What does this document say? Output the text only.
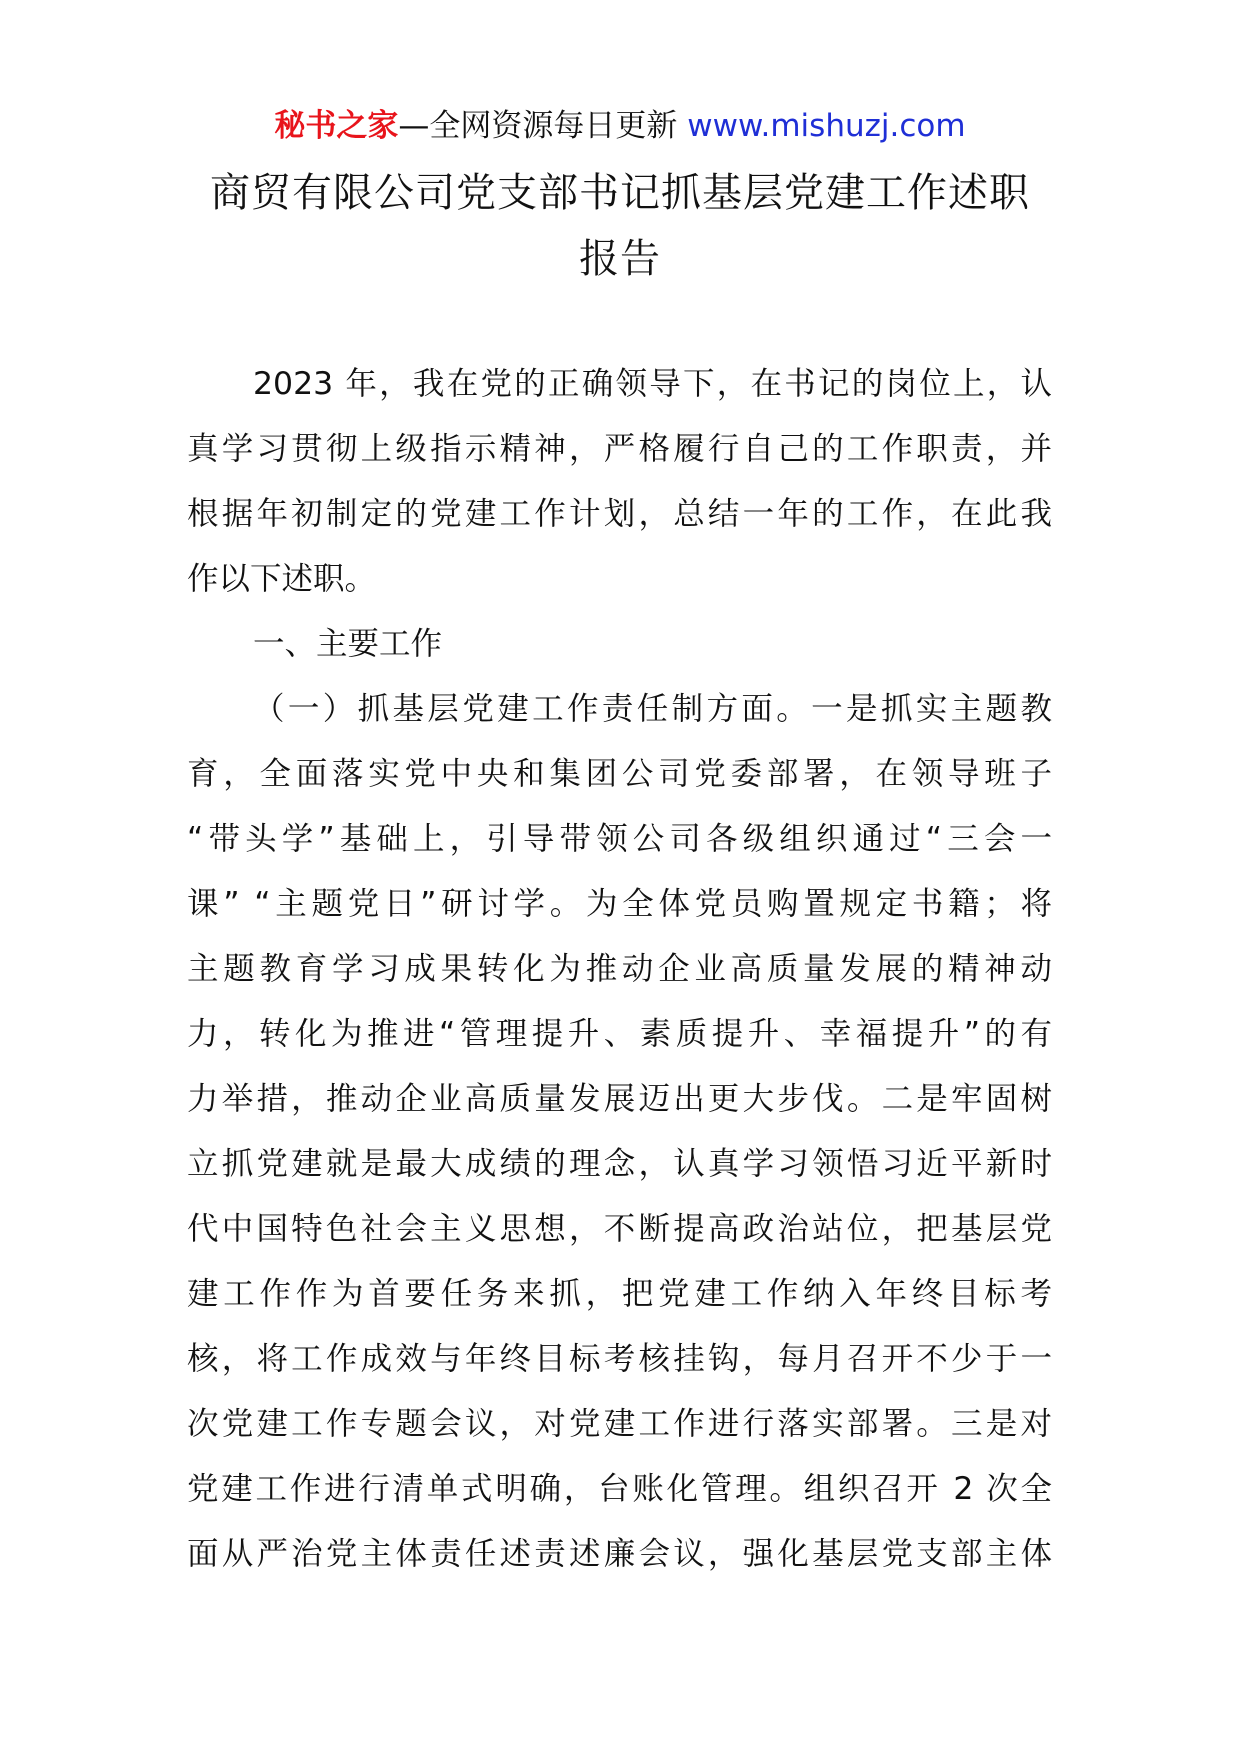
秘书之家—全网资源每日更新 www.mishuzj.com
商贸有限公司党支部书记抓基层党建工作述职
报告
2023 年，我在党的正确领导下，在书记的岗位上，认
真学习贯彻上级指示精神，严格履行自己的工作职责，并
根据年初制定的党建工作计划，总结一年的工作，在此我
作以下述职。
一、主要工作
（一）抓基层党建工作责任制方面。一是抓实主题教
育，全面落实党中央和集团公司党委部署，在领导班子
“带头学”基础上，引导带领公司各级组织通过“三会一
课” “主题党日”研讨学。为全体党员购置规定书籍；将
主题教育学习成果转化为推动企业高质量发展的精神动
力，转化为推进“管理提升、素质提升、幸福提升”的有
力举措，推动企业高质量发展迈出更大步伐。二是牢固树
立抓党建就是最大成绩的理念，认真学习领悟习近平新时
代中国特色社会主义思想，不断提高政治站位，把基层党
建工作作为首要任务来抓，把党建工作纳入年终目标考
核，将工作成效与年终目标考核挂钩，每月召开不少于一
次党建工作专题会议，对党建工作进行落实部署。三是对
党建工作进行清单式明确，台账化管理。组织召开 2 次全
面从严治党主体责任述责述廉会议，强化基层党支部主体
